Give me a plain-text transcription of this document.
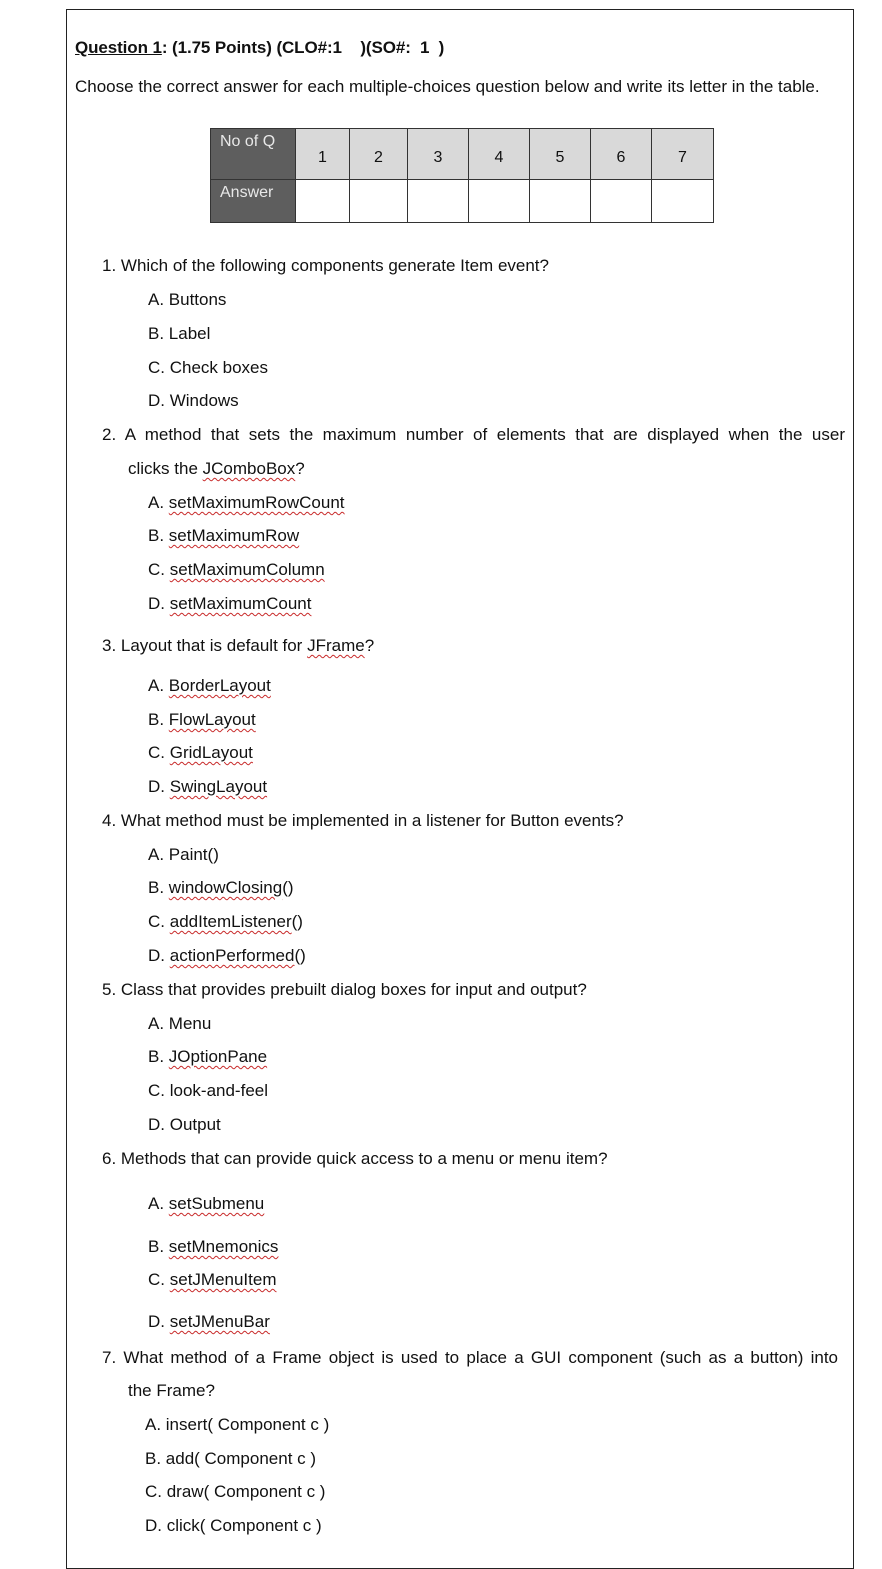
Question 1: (1.75 Points) (CLO#:1    )(SO#:  1  )
Choose the correct answer for each multiple-choices question below and write its letter in the table.
No of Q	1	2	3	4	5	6	7
Answer							
1. Which of the following components generate Item event?
A. Buttons
B. Label
C. Check boxes
D. Windows
2. A method that sets the maximum number of elements that are displayed when the user
clicks the JComboBox?
A. setMaximumRowCount
B. setMaximumRow
C. setMaximumColumn
D. setMaximumCount
3. Layout that is default for JFrame?
A. BorderLayout
B. FlowLayout
C. GridLayout
D. SwingLayout
4. What method must be implemented in a listener for Button events?
A. Paint()
B. windowClosing()
C. addItemListener()
D. actionPerformed()
5. Class that provides prebuilt dialog boxes for input and output?
A. Menu
B. JOptionPane
C. look-and-feel
D. Output
6. Methods that can provide quick access to a menu or menu item?
A. setSubmenu
B. setMnemonics
C. setJMenuItem
D. setJMenuBar
7. What method of a Frame object is used to place a GUI component (such as a button) into
the Frame?
A. insert( Component c )
B. add( Component c )
C. draw( Component c )
D. click( Component c )
